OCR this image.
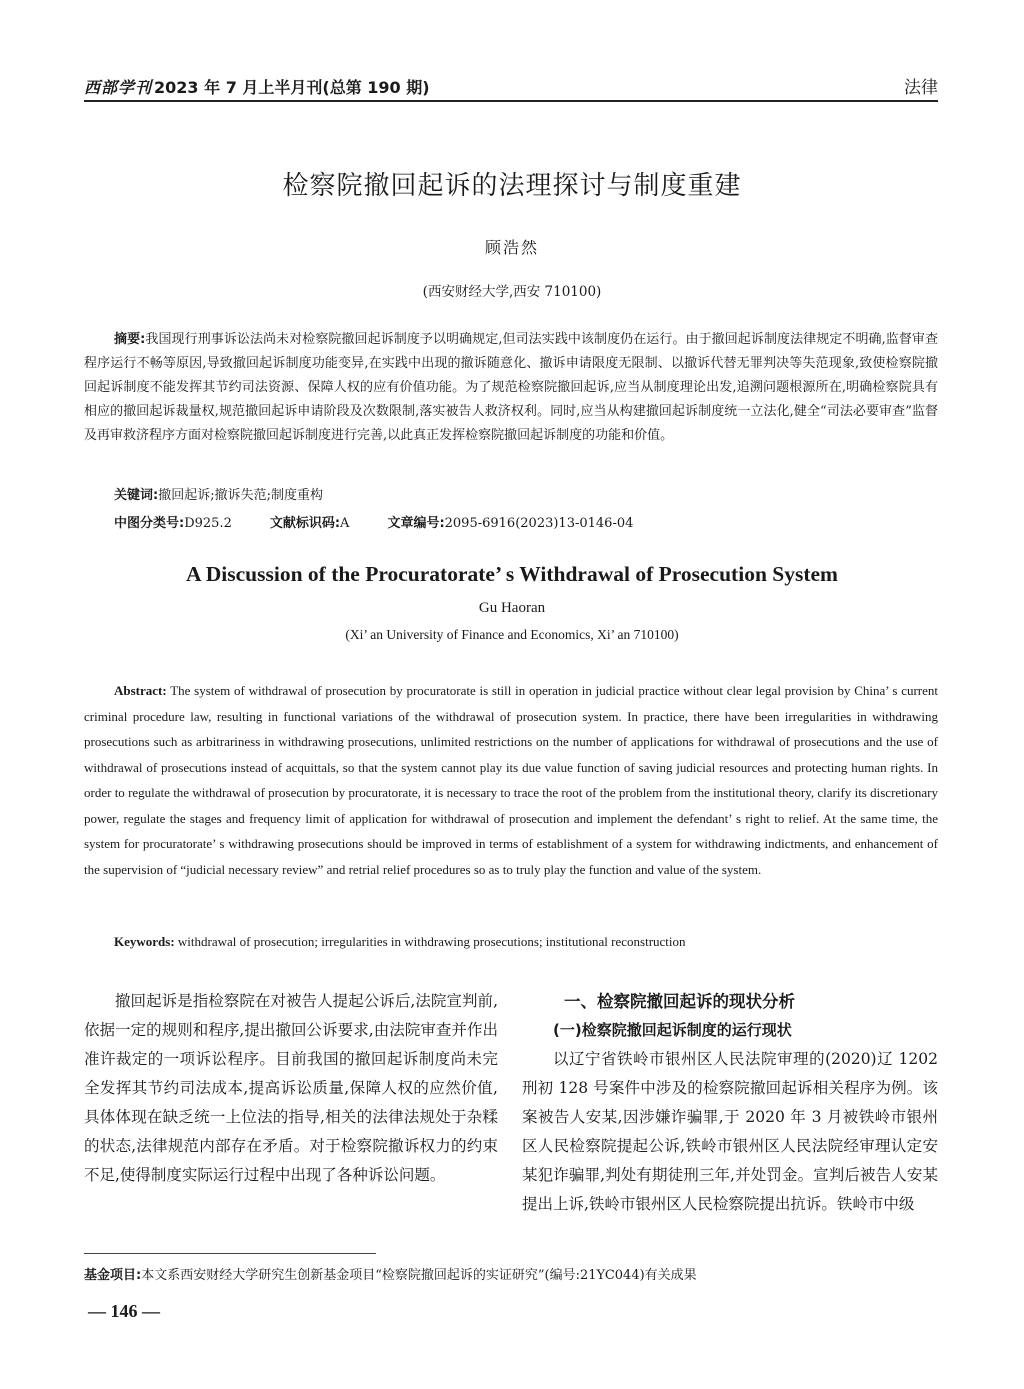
西部学刊 2023 年 7 月上半月刊(总第 190 期)	法律
检察院撤回起诉的法理探讨与制度重建
顾浩然
(西安财经大学,西安 710100)
摘要:我国现行刑事诉讼法尚未对检察院撤回起诉制度予以明确规定,但司法实践中该制度仍在运行。由于撤回起诉制度法律规定不明确,监督审查程序运行不畅等原因,导致撤回起诉制度功能变异,在实践中出现的撤诉随意化、撤诉申请限度无限制、以撤诉代替无罪判决等失范现象,致使检察院撤回起诉制度不能发挥其节约司法资源、保障人权的应有价值功能。为了规范检察院撤回起诉,应当从制度理论出发,追溯问题根源所在,明确检察院具有相应的撤回起诉裁量权,规范撤回起诉申请阶段及次数限制,落实被告人救济权利。同时,应当从构建撤回起诉制度统一立法化,健全“司法必要审查”监督及再审救济程序方面对检察院撤回起诉制度进行完善,以此真正发挥检察院撤回起诉制度的功能和价值。
关键词:撤回起诉;撤诉失范;制度重构
中图分类号:D925.2	文献标识码:A	文章编号:2095-6916(2023)13-0146-04
A Discussion of the Procuratorate’ s Withdrawal of Prosecution System
Gu Haoran
(Xi’ an University of Finance and Economics, Xi’ an 710100)
Abstract: The system of withdrawal of prosecution by procuratorate is still in operation in judicial practice without clear legal provision by China’ s current criminal procedure law, resulting in functional variations of the withdrawal of prosecution system. In practice, there have been irregularities in withdrawing prosecutions such as arbitrariness in withdrawing prosecutions, unlimited restrictions on the number of applications for withdrawal of prosecutions and the use of withdrawal of prosecutions instead of acquittals, so that the system cannot play its due value function of saving judicial resources and protecting human rights. In order to regulate the withdrawal of prosecution by procuratorate, it is necessary to trace the root of the problem from the institutional theory, clarify its discretionary power, regulate the stages and frequency limit of application for withdrawal of prosecution and implement the defendant’ s right to relief. At the same time, the system for procuratorate’ s withdrawing prosecutions should be improved in terms of establishment of a system for withdrawing indictments, and enhancement of the supervision of “judicial necessary review” and retrial relief procedures so as to truly play the function and value of the system.
Keywords: withdrawal of prosecution; irregularities in withdrawing prosecutions; institutional reconstruction
撤回起诉是指检察院在对被告人提起公诉后,法院宣判前,依据一定的规则和程序,提出撤回公诉要求,由法院审查并作出准许裁定的一项诉讼程序。目前我国的撤回起诉制度尚未完全发挥其节约司法成本,提高诉讼质量,保障人权的应然价值,具体体现在缺乏统一上位法的指导,相关的法律法规处于杂糅的状态,法律规范内部存在矛盾。对于检察院撤诉权力的约束不足,使得制度实际运行过程中出现了各种诉讼问题。
一、检察院撤回起诉的现状分析
(一)检察院撤回起诉制度的运行现状
以辽宁省铁岭市银州区人民法院审理的(2020)辽 1202 刑初 128 号案件中涉及的检察院撤回起诉相关程序为例。该案被告人安某,因涉嫌诈骗罪,于 2020 年 3 月被铁岭市银州区人民检察院提起公诉,铁岭市银州区人民法院经审理认定安某犯诈骗罪,判处有期徒刑三年,并处罚金。宣判后被告人安某提出上诉,铁岭市银州区人民检察院提出抗诉。铁岭市中级
基金项目:本文系西安财经大学研究生创新基金项目“检察院撤回起诉的实证研究”(编号:21YC044)有关成果
— 146 —
